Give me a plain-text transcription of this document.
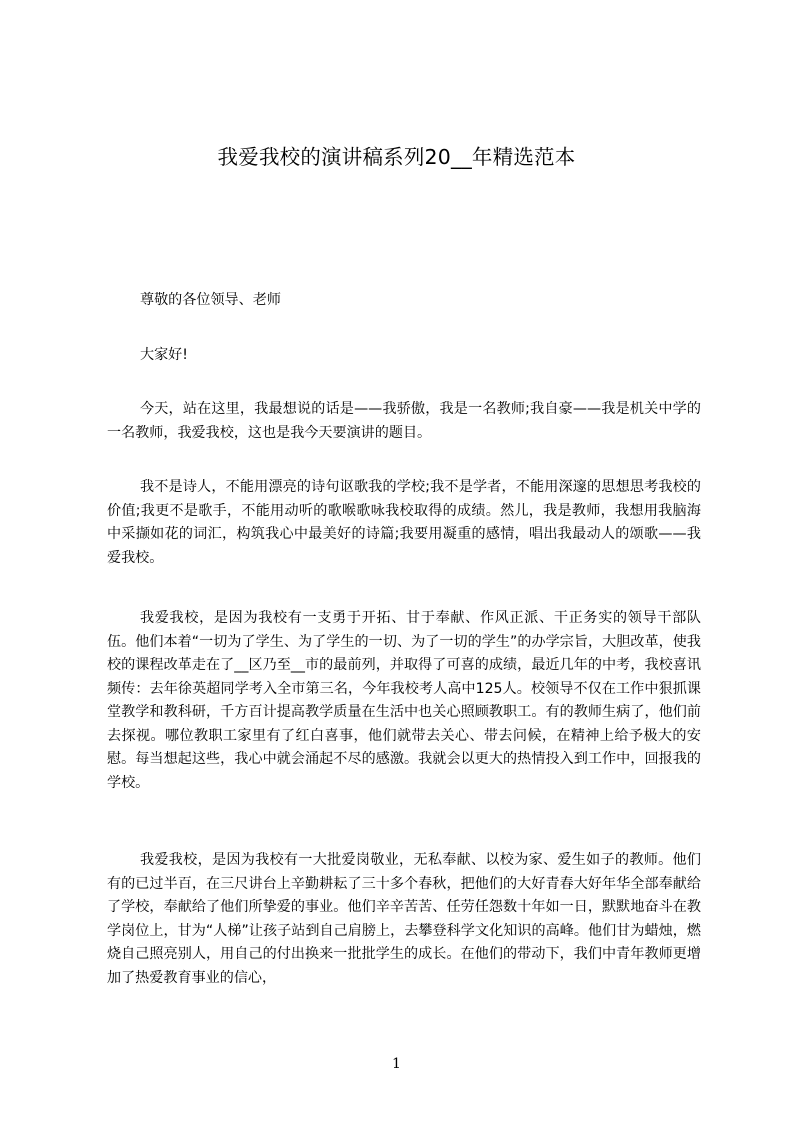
我爱我校的演讲稿系列20__年精选范本

尊敬的各位领导、老师

大家好!

今天，站在这里，我最想说的话是——我骄傲，我是一名教师;我自豪——我是机关中学的一名教师，我爱我校，这也是我今天要演讲的题目。

我不是诗人，不能用漂亮的诗句讴歌我的学校;我不是学者，不能用深邃的思想思考我校的价值;我更不是歌手，不能用动听的歌喉歌咏我校取得的成绩。然儿，我是教师，我想用我脑海中采撷如花的词汇，构筑我心中最美好的诗篇;我要用凝重的感情，唱出我最动人的颂歌——我爱我校。

我爱我校，是因为我校有一支勇于开拓、甘于奉献、作风正派、干正务实的领导干部队伍。他们本着“一切为了学生、为了学生的一切、为了一切的学生”的办学宗旨，大胆改革，使我校的课程改革走在了__区乃至__市的最前列，并取得了可喜的成绩，最近几年的中考，我校喜讯频传：去年徐英超同学考入全市第三名，今年我校考人高中125人。校领导不仅在工作中狠抓课堂教学和教科研，千方百计提高教学质量在生活中也关心照顾教职工。有的教师生病了，他们前去探视。哪位教职工家里有了红白喜事，他们就带去关心、带去问候，在精神上给予极大的安慰。每当想起这些，我心中就会涌起不尽的感激。我就会以更大的热情投入到工作中，回报我的学校。

我爱我校，是因为我校有一大批爱岗敬业，无私奉献、以校为家、爱生如子的教师。他们有的已过半百，在三尺讲台上辛勤耕耘了三十多个春秋，把他们的大好青春大好年华全部奉献给了学校，奉献给了他们所挚爱的事业。他们辛辛苦苦、任劳任怨数十年如一日，默默地奋斗在教学岗位上，甘为“人梯”让孩子站到自己肩膀上，去攀登科学文化知识的高峰。他们甘为蜡烛，燃烧自己照亮别人，用自己的付出换来一批批学生的成长。在他们的带动下，我们中青年教师更增加了热爱教育事业的信心，

1
